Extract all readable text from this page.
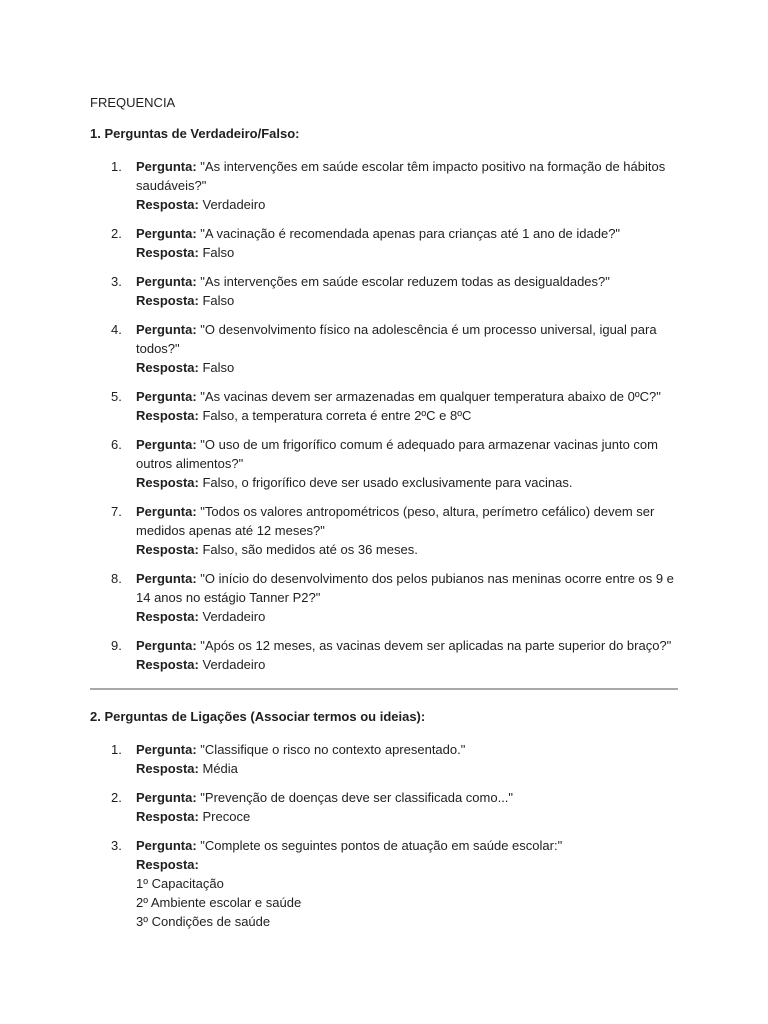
FREQUENCIA
1. Perguntas de Verdadeiro/Falso:
1. Pergunta: "As intervenções em saúde escolar têm impacto positivo na formação de hábitos saudáveis?"
Resposta: Verdadeiro
2. Pergunta: "A vacinação é recomendada apenas para crianças até 1 ano de idade?"
Resposta: Falso
3. Pergunta: "As intervenções em saúde escolar reduzem todas as desigualdades?"
Resposta: Falso
4. Pergunta: "O desenvolvimento físico na adolescência é um processo universal, igual para todos?"
Resposta: Falso
5. Pergunta: "As vacinas devem ser armazenadas em qualquer temperatura abaixo de 0ºC?"
Resposta: Falso, a temperatura correta é entre 2ºC e 8ºC
6. Pergunta: "O uso de um frigorífico comum é adequado para armazenar vacinas junto com outros alimentos?"
Resposta: Falso, o frigorífico deve ser usado exclusivamente para vacinas.
7. Pergunta: "Todos os valores antropométricos (peso, altura, perímetro cefálico) devem ser medidos apenas até 12 meses?"
Resposta: Falso, são medidos até os 36 meses.
8. Pergunta: "O início do desenvolvimento dos pelos pubianos nas meninas ocorre entre os 9 e 14 anos no estágio Tanner P2?"
Resposta: Verdadeiro
9. Pergunta: "Após os 12 meses, as vacinas devem ser aplicadas na parte superior do braço?"
Resposta: Verdadeiro
2. Perguntas de Ligações (Associar termos ou ideias):
1. Pergunta: "Classifique o risco no contexto apresentado."
Resposta: Média
2. Pergunta: "Prevenção de doenças deve ser classificada como..."
Resposta: Precoce
3. Pergunta: "Complete os seguintes pontos de atuação em saúde escolar:"
Resposta:
1º Capacitação
2º Ambiente escolar e saúde
3º Condições de saúde
